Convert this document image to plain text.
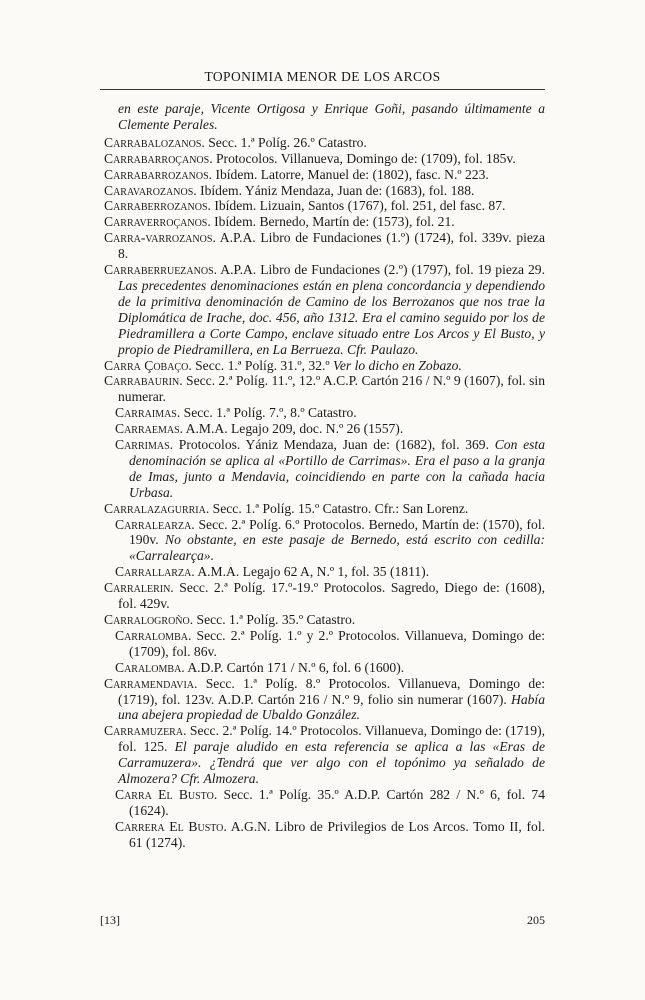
TOPONIMIA MENOR DE LOS ARCOS

en este paraje, Vicente Ortigosa y Enrique Goñi, pasando últimamente a Clemente Perales.

Carrabalozanos. Secc. 1.ª Políg. 26.º Catastro.

Carrabarroçanos. Protocolos. Villanueva, Domingo de: (1709), fol. 185v.

Carrabarrozanos. Ibídem. Latorre, Manuel de: (1802), fasc. N.º 223.

Caravarozanos. Ibídem. Yániz Mendaza, Juan de: (1683), fol. 188.

Carraberrozanos. Ibídem. Lizuain, Santos (1767), fol. 251, del fasc. 87.

Carraverroçanos. Ibídem. Bernedo, Martín de: (1573), fol. 21.

Carra-varrozanos. A.P.A. Libro de Fundaciones (1.º) (1724), fol. 339v. pieza 8.

Carraberruezanos. A.P.A. Libro de Fundaciones (2.º) (1797), fol. 19 pieza 29. Las precedentes denominaciones están en plena concordancia y dependiendo de la primitiva denominación de Camino de los Berrozanos que nos trae la Diplomática de Irache, doc. 456, año 1312. Era el camino seguido por los de Piedramillera a Corte Campo, enclave situado entre Los Arcos y El Busto, y propio de Piedramillera, en La Berrueza. Cfr. Paulazo.

Carra Çobaço. Secc. 1.ª Políg. 31.º, 32.º Ver lo dicho en Zobazo.

Carrabaurin. Secc. 2.ª Políg. 11.º, 12.º A.C.P. Cartón 216 / N.º 9 (1607), fol. sin numerar.

Carraimas. Secc. 1.ª Políg. 7.º, 8.º Catastro.

Carraemas. A.M.A. Legajo 209, doc. N.º 26 (1557).

Carrimas. Protocolos. Yániz Mendaza, Juan de: (1682), fol. 369. Con esta denominación se aplica al «Portillo de Carrimas». Era el paso a la granja de Imas, junto a Mendavia, coincidiendo en parte con la cañada hacia Urbasa.

Carralazagurria. Secc. 1.ª Políg. 15.º Catastro. Cfr.: San Lorenz.

Carralearza. Secc. 2.ª Políg. 6.º Protocolos. Bernedo, Martín de: (1570), fol. 190v. No obstante, en este pasaje de Bernedo, está escrito con cedilla: «Carralearça».

Carrallarza. A.M.A. Legajo 62 A, N.º 1, fol. 35 (1811).

Carralerin. Secc. 2.ª Políg. 17.º-19.º Protocolos. Sagredo, Diego de: (1608), fol. 429v.

Carralogroño. Secc. 1.ª Políg. 35.º Catastro.

Carralomba. Secc. 2.ª Políg. 1.º y 2.º Protocolos. Villanueva, Domingo de: (1709), fol. 86v.

Caralomba. A.D.P. Cartón 171 / N.º 6, fol. 6 (1600).

Carramendavia. Secc. 1.ª Políg. 8.º Protocolos. Villanueva, Domingo de: (1719), fol. 123v. A.D.P. Cartón 216 / N.º 9, folio sin numerar (1607). Había una abejera propiedad de Ubaldo González.

Carramuzera. Secc. 2.ª Políg. 14.º Protocolos. Villanueva, Domingo de: (1719), fol. 125. El paraje aludido en esta referencia se aplica a las «Eras de Carramuzera». ¿Tendrá que ver algo con el topónimo ya señalado de Almozera? Cfr. Almozera.

Carra El Busto. Secc. 1.ª Políg. 35.º A.D.P. Cartón 282 / N.º 6, fol. 74 (1624).

Carrera El Busto. A.G.N. Libro de Privilegios de Los Arcos. Tomo II, fol. 61 (1274).

[13]	205
